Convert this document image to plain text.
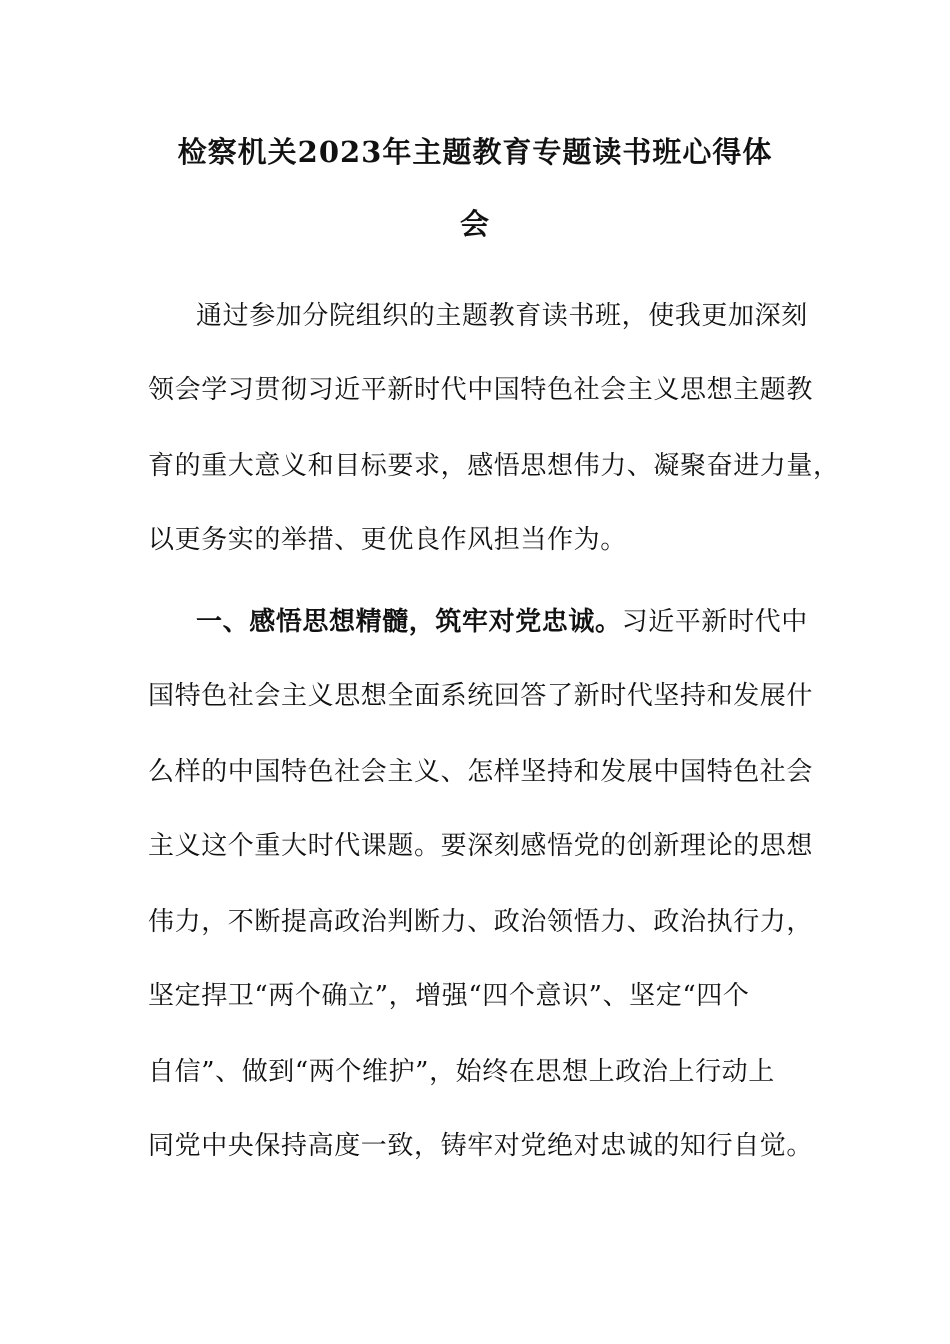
检察机关2023年主题教育专题读书班心得体
会

通过参加分院组织的主题教育读书班，使我更加深刻

领会学习贯彻习近平新时代中国特色社会主义思想主题教

育的重大意义和目标要求，感悟思想伟力、凝聚奋进力量，

以更务实的举措、更优良作风担当作为。

一、感悟思想精髓，筑牢对党忠诚。习近平新时代中

国特色社会主义思想全面系统回答了新时代坚持和发展什

么样的中国特色社会主义、怎样坚持和发展中国特色社会

主义这个重大时代课题。要深刻感悟党的创新理论的思想

伟力，不断提高政治判断力、政治领悟力、政治执行力，

坚定捍卫“两个确立”，增强“四个意识”、坚定“四个

自信”、做到“两个维护”，始终在思想上政治上行动上

同党中央保持高度一致，铸牢对党绝对忠诚的知行自觉。
